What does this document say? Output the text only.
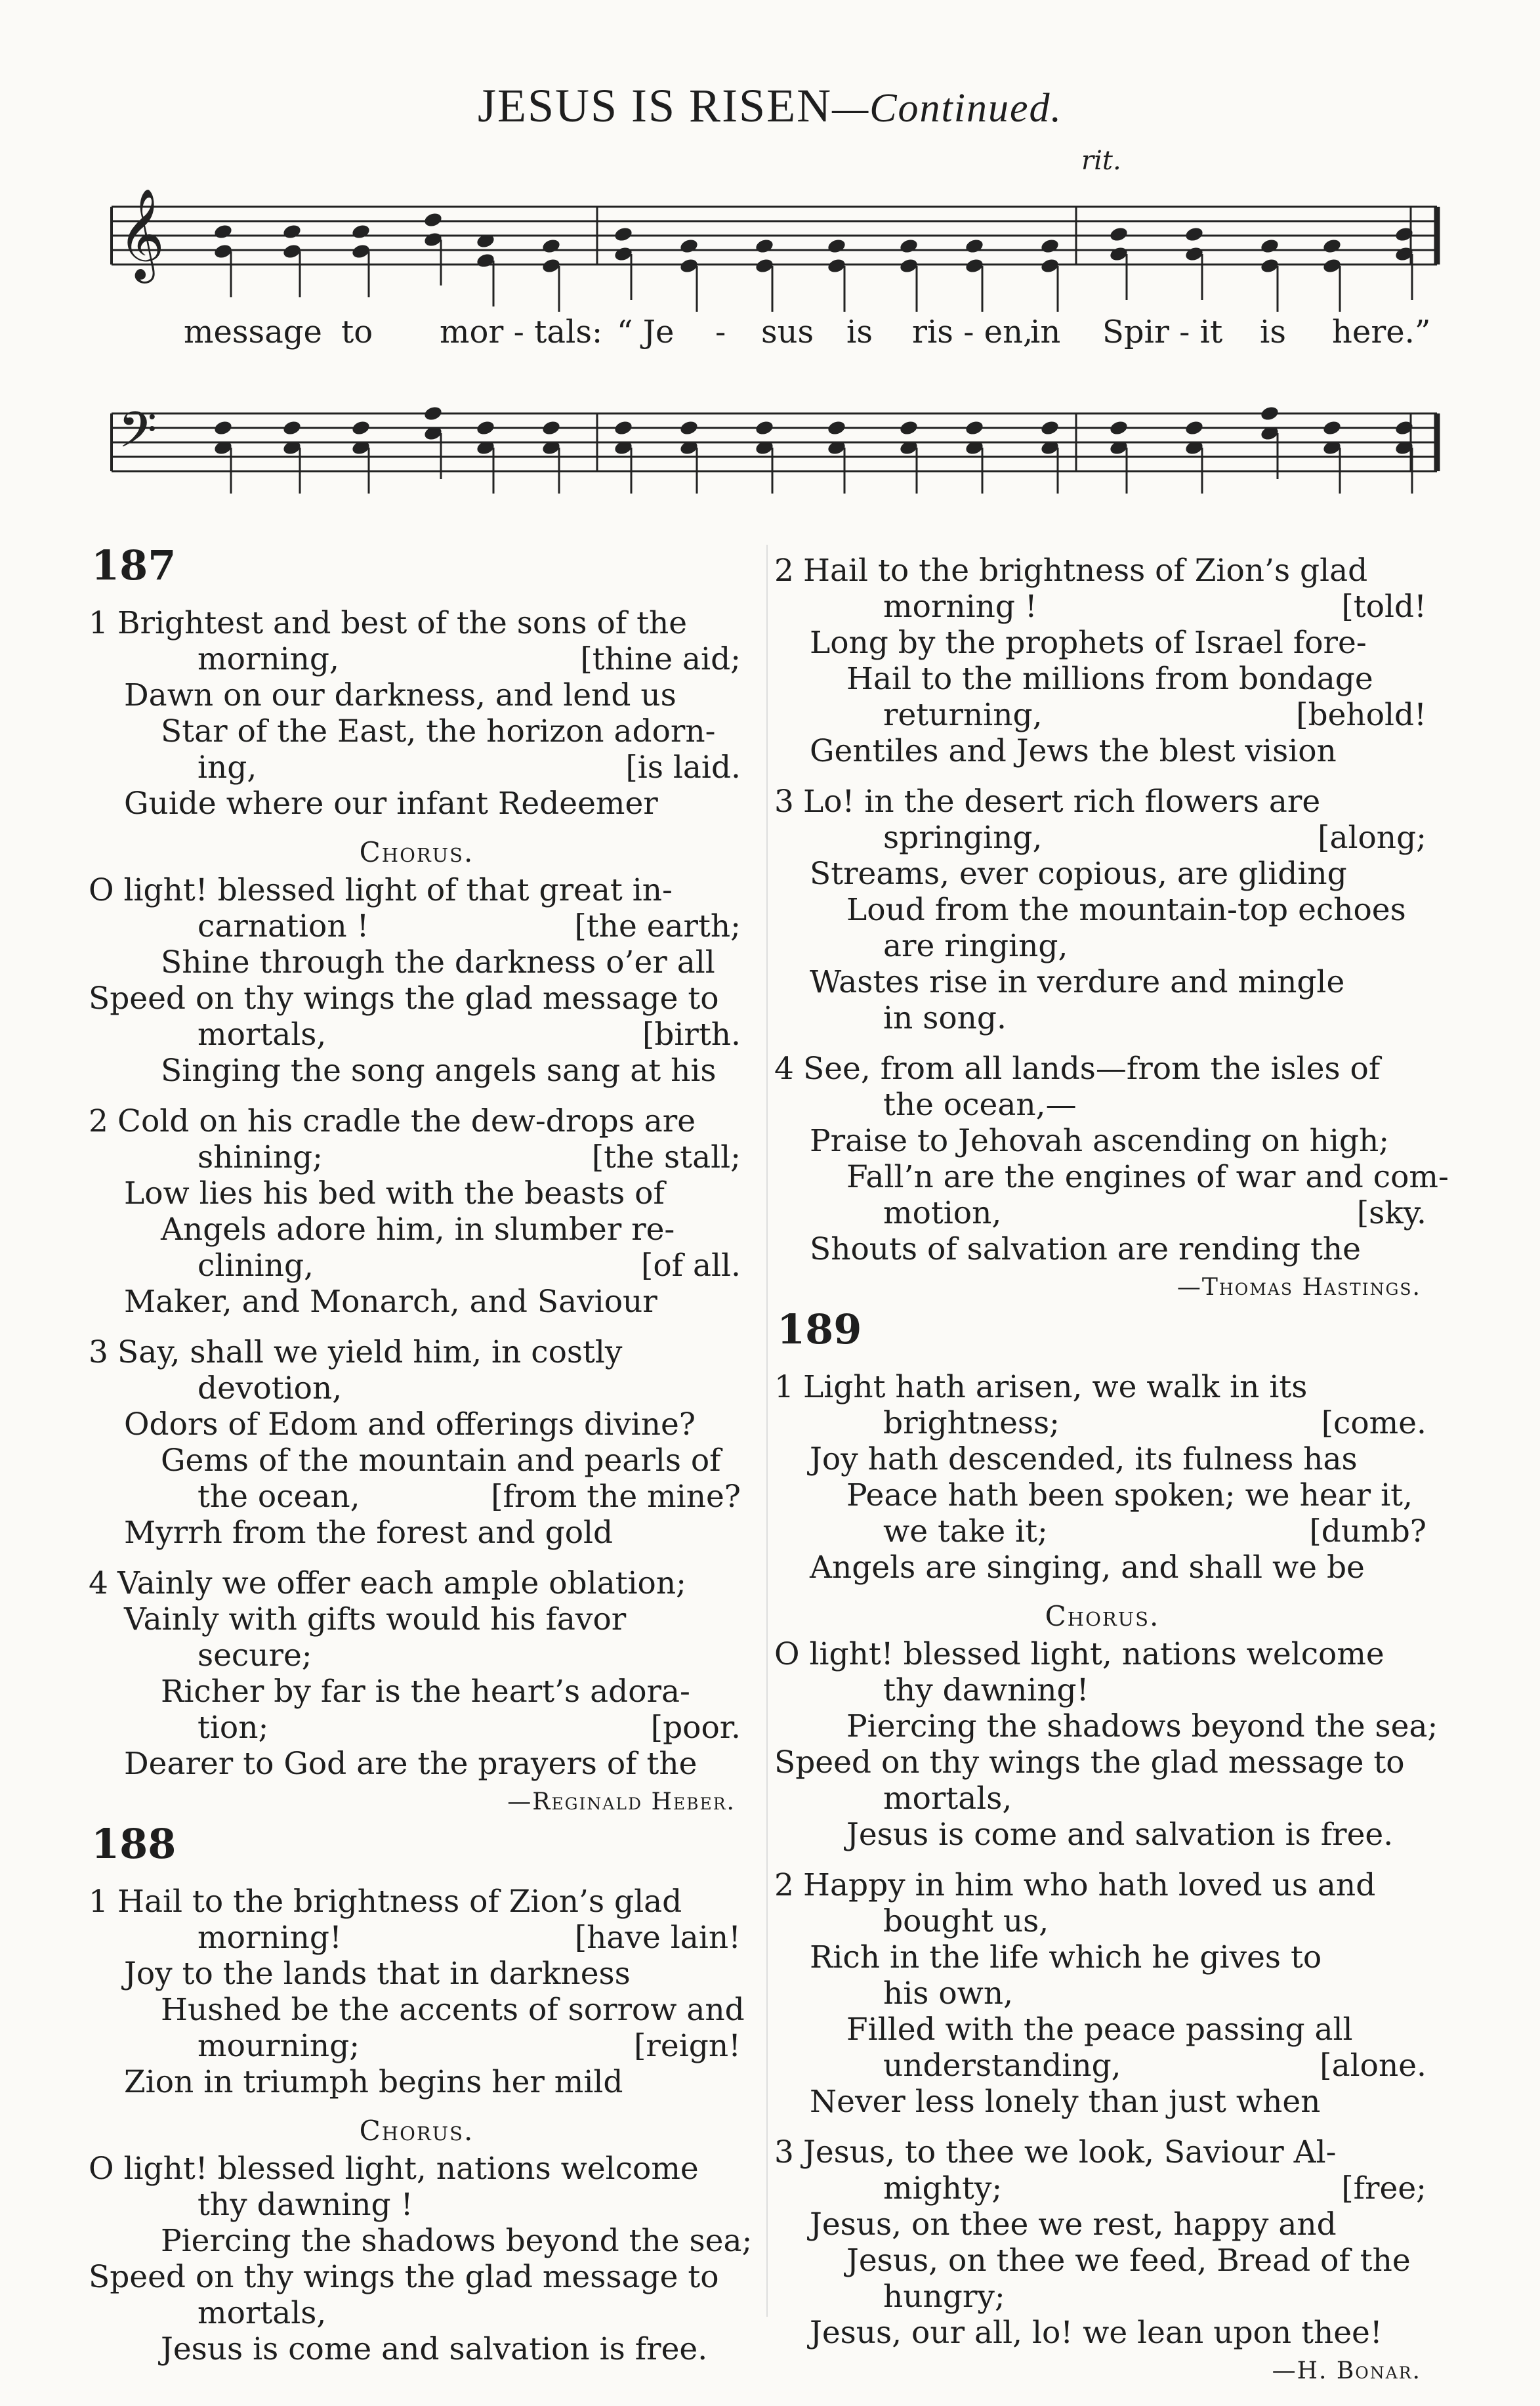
JESUS IS RISEN—Continued.
rit.
𝄞
message to mor - tals: “ Je - sus is ris - en,
in Spir - it is here.”
𝄢
187
1 Brightest and best of the sons of the
morning,	[thine aid;
Dawn on our darkness, and lend us
Star of the East, the horizon adorn-
ing,	[is laid.
Guide where our infant Redeemer
Chorus.
O light! blessed light of that great in-
carnation !	[the earth;
Shine through the darkness o’er all
Speed on thy wings the glad message to
mortals,	[birth.
Singing the song angels sang at his
2 Cold on his cradle the dew-drops are
shining;	[the stall;
Low lies his bed with the beasts of
Angels adore him, in slumber re-
clining,	[of all.
Maker, and Monarch, and Saviour
3 Say, shall we yield him, in costly
devotion,
Odors of Edom and offerings divine?
Gems of the mountain and pearls of
the ocean,	[from the mine?
Myrrh from the forest and gold
4 Vainly we offer each ample oblation;
Vainly with gifts would his favor
secure;
Richer by far is the heart’s adora-
tion;	[poor.
Dearer to God are the prayers of the
—Reginald Heber.
188
1 Hail to the brightness of Zion’s glad
morning!	[have lain!
Joy to the lands that in darkness
Hushed be the accents of sorrow and
mourning;	[reign!
Zion in triumph begins her mild
Chorus.
O light! blessed light, nations welcome
thy dawning !
Piercing the shadows beyond the sea;
Speed on thy wings the glad message to
mortals,
Jesus is come and salvation is free.
2 Hail to the brightness of Zion’s glad
morning !	[told!
Long by the prophets of Israel fore-
Hail to the millions from bondage
returning,	[behold!
Gentiles and Jews the blest vision
3 Lo! in the desert rich flowers are
springing,	[along;
Streams, ever copious, are gliding
Loud from the mountain-top echoes
are ringing,
Wastes rise in verdure and mingle
in song.
4 See, from all lands—from the isles of
the ocean,—
Praise to Jehovah ascending on high;
Fall’n are the engines of war and com-
motion,	[sky.
Shouts of salvation are rending the
—Thomas Hastings.
189
1 Light hath arisen, we walk in its
brightness;	[come.
Joy hath descended, its fulness has
Peace hath been spoken; we hear it,
we take it;	[dumb?
Angels are singing, and shall we be
Chorus.
O light! blessed light, nations welcome
thy dawning!
Piercing the shadows beyond the sea;
Speed on thy wings the glad message to
mortals,
Jesus is come and salvation is free.
2 Happy in him who hath loved us and
bought us,
Rich in the life which he gives to
his own,
Filled with the peace passing all
understanding,	[alone.
Never less lonely than just when
3 Jesus, to thee we look, Saviour Al-
mighty;	[free;
Jesus, on thee we rest, happy and
Jesus, on thee we feed, Bread of the
hungry;
Jesus, our all, lo! we lean upon thee!
—H. Bonar.
